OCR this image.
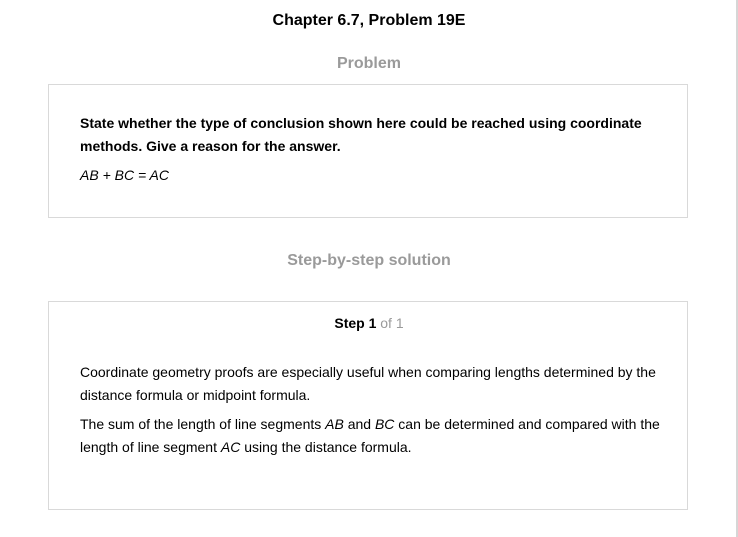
Chapter 6.7, Problem 19E
Problem
State whether the type of conclusion shown here could be reached using coordinate methods. Give a reason for the answer.
AB + BC = AC
Step-by-step solution
Step 1 of 1
Coordinate geometry proofs are especially useful when comparing lengths determined by the distance formula or midpoint formula.
The sum of the length of line segments AB and BC can be determined and compared with the length of line segment AC using the distance formula.
